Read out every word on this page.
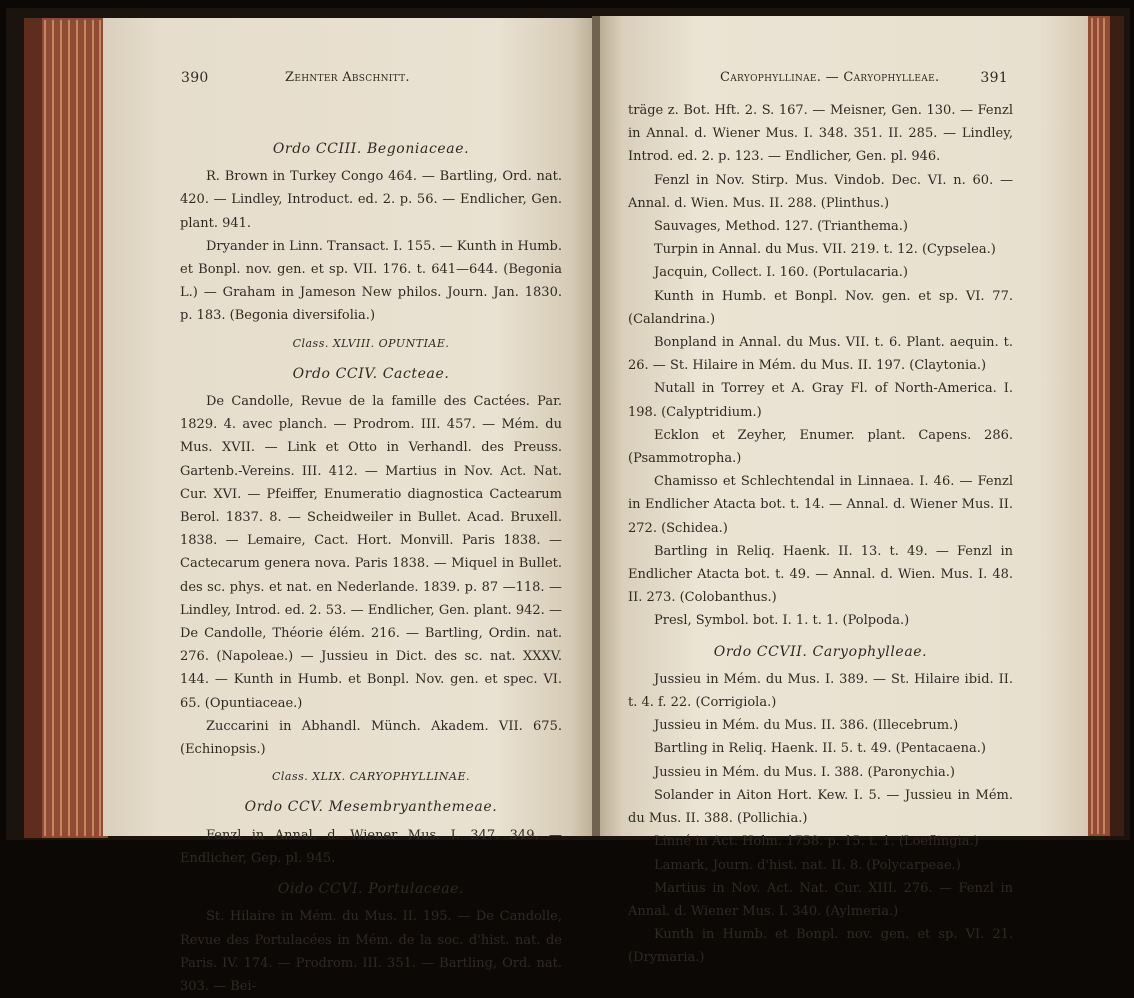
390	Zehnter Abschnitt.
Ordo CCIII. Begoniaceae.
R. Brown in Turkey Congo 464. — Bartling, Ord. nat. 420. — Lindley, Introduct. ed. 2. p. 56. — Endlicher, Gen. plant. 941.
Dryander in Linn. Transact. I. 155. — Kunth in Humb. et Bonpl. nov. gen. et sp. VII. 176. t. 641—644. (Begonia L.) — Graham in Jameson New philos. Journ. Jan. 1830. p. 183. (Begonia diversifolia.)
Class. XLVIII. OPUNTIAE.
Ordo CCIV. Cacteae.
De Candolle, Revue de la famille des Cactées. Par. 1829. 4. avec planch. — Prodrom. III. 457. — Mém. du Mus. XVII. — Link et Otto in Verhandl. des Preuss. Gartenb.-Vereins. III. 412. — Martius in Nov. Act. Nat. Cur. XVI. — Pfeiffer, Enumeratio diagnostica Cactearum Berol. 1837. 8. — Scheidweiler in Bullet. Acad. Bruxell. 1838. — Lemaire, Cact. Hort. Monvill. Paris 1838. — Cactecarum genera nova. Paris 1838. — Miquel in Bullet. des sc. phys. et nat. en Nederlande. 1839. p. 87 —118. — Lindley, Introd. ed. 2. 53. — Endlicher, Gen. plant. 942. — De Candolle, Théorie élém. 216. — Bartling, Ordin. nat. 276. (Napoleae.) — Jussieu in Dict. des sc. nat. XXXV. 144. — Kunth in Humb. et Bonpl. Nov. gen. et spec. VI. 65. (Opuntiaceae.)
Zuccarini in Abhandl. Münch. Akadem. VII. 675. (Echinopsis.)
Class. XLIX. CARYOPHYLLINAE.
Ordo CCV. Mesembryanthemeae.
Fenzl in Annal. d. Wiener Mus. I. 347. 349. — Endlicher, Gep. pl. 945.
Oido CCVI. Portulaceae.
St. Hilaire in Mém. du Mus. II. 195. — De Candolle, Revue des Portulacées in Mém. de la soc. d'hist. nat. de Paris. IV. 174. — Prodrom. III. 351. — Bartling, Ord. nat. 303. — Bei-
Caryophyllinae. — Caryophylleae.	391
träge z. Bot. Hft. 2. S. 167. — Meisner, Gen. 130. — Fenzl in Annal. d. Wiener Mus. I. 348. 351. II. 285. — Lindley, Introd. ed. 2. p. 123. — Endlicher, Gen. pl. 946.
Fenzl in Nov. Stirp. Mus. Vindob. Dec. VI. n. 60. — Annal. d. Wien. Mus. II. 288. (Plinthus.)
Sauvages, Method. 127. (Trianthema.)
Turpin in Annal. du Mus. VII. 219. t. 12. (Cypselea.)
Jacquin, Collect. I. 160. (Portulacaria.)
Kunth in Humb. et Bonpl. Nov. gen. et sp. VI. 77. (Calandrina.)
Bonpland in Annal. du Mus. VII. t. 6. Plant. aequin. t. 26. — St. Hilaire in Mém. du Mus. II. 197. (Claytonia.)
Nutall in Torrey et A. Gray Fl. of North-America. I. 198. (Calyptridium.)
Ecklon et Zeyher, Enumer. plant. Capens. 286. (Psammotropha.)
Chamisso et Schlechtendal in Linnaea. I. 46. — Fenzl in Endlicher Atacta bot. t. 14. — Annal. d. Wiener Mus. II. 272. (Schidea.)
Bartling in Reliq. Haenk. II. 13. t. 49. — Fenzl in Endlicher Atacta bot. t. 49. — Annal. d. Wien. Mus. I. 48. II. 273. (Colobanthus.)
Presl, Symbol. bot. I. 1. t. 1. (Polpoda.)
Ordo CCVII. Caryophylleae.
Jussieu in Mém. du Mus. I. 389. — St. Hilaire ibid. II. t. 4. f. 22. (Corrigiola.)
Jussieu in Mém. du Mus. II. 386. (Illecebrum.)
Bartling in Reliq. Haenk. II. 5. t. 49. (Pentacaena.)
Jussieu in Mém. du Mus. I. 388. (Paronychia.)
Solander in Aiton Hort. Kew. I. 5. — Jussieu in Mém. du Mus. II. 388. (Pollichia.)
Linné in Act. Holm. 1758. p. 15. t. 1. (Loeflingia.)
Lamark, Journ. d'hist. nat. II. 8. (Polycarpeae.)
Martius in Nov. Act. Nat. Cur. XIII. 276. — Fenzl in Annal. d. Wiener Mus. I. 340. (Aylmeria.)
Kunth in Humb. et Bonpl. nov. gen. et sp. VI. 21. (Drymaria.)
